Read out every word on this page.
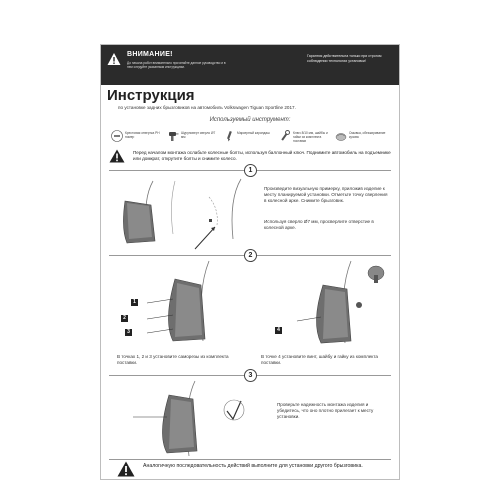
ВНИМАНИЕ!
До начала работ внимательно прочитайте данное руководство и в нем следуйте указанным инструкциям.
Гарантия действительна только при строгом соблюдении технологии установки!
Инструкция
по установке задних брызговиков на автомобиль Volkswagen Tiguan Sportline 2017.
Используемый инструмент:
Крестовая отвертка PH номер
Шуруповерт сверло Ø7 мм
Маркерный карандаш	Ключ 8/10 мм, шайбы и гайки из комплекта поставки
Смывка, обезжиривание кузова
Перед началом монтажа ослабьте колесные болты, используя баллонный ключ. Поднимите автомобиль на подъемнике или домкрат, открутите болты и снимите колесо.
1
Произведите визуальную примерку, приложив изделие к месту планируемой установки. Отметьте точку сверления в колесной арке. Снимите брызговик.
Используя сверло Ø7 мм, просверлите отверстие в колесной арке.
2
1
2
3	4
В точках 1, 2 и 3 установите саморезы из комплекта поставки.
В точке 4 установите винт, шайбу и гайку из комплекта поставки.
3
Проверьте надежность монтажа изделия и убедитесь, что оно плотно прилегает к месту установки.
Аналогичную последовательность действий выполните для установки другого брызговика.
